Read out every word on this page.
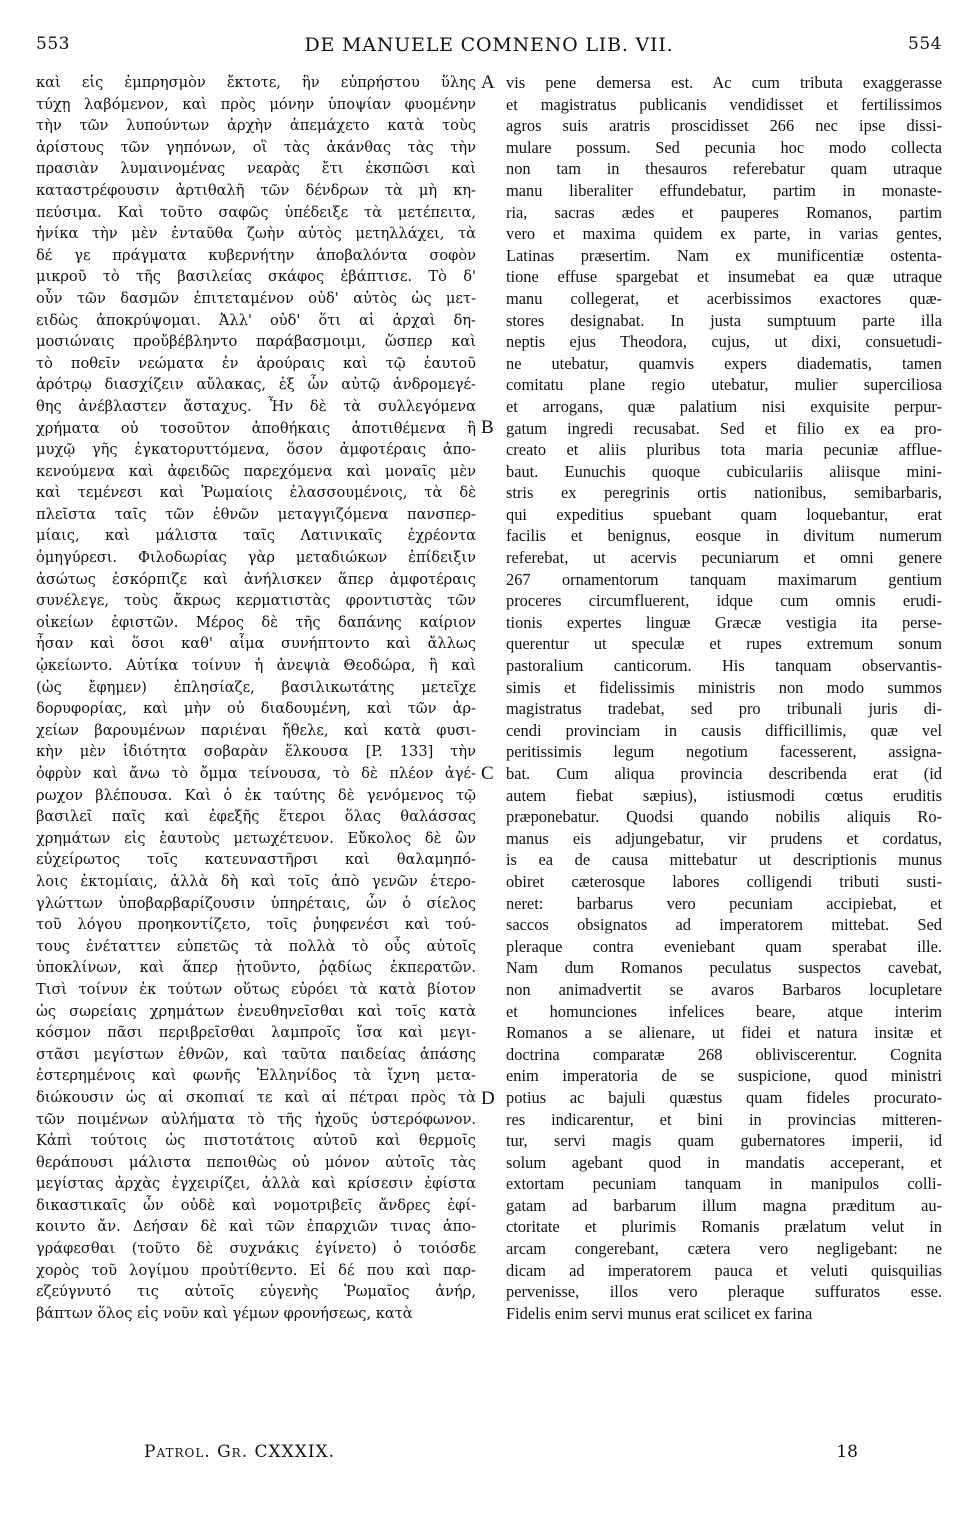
553	DE MANUELE COMNENO LIB. VII.	554
καὶ εἰς ἐμπρησμὸν ἔκτοτε, ἣν εὐπρήστου ὕλης
τύχῃ λαβόμενον, καὶ πρὸς μόνην ὑποψίαν φυομένην
τὴν τῶν λυπούντων ἀρχὴν ἀπεμάχετο κατὰ τοὺς
ἀρίστους τῶν γηπόνων, οἳ τὰς ἀκάνθας τὰς τὴν
πρασιὰν λυμαινομένας νεαρὰς ἔτι ἐκσπῶσι καὶ
καταστρέφουσιν ἀρτιθαλῆ τῶν δένδρων τὰ μὴ κη-
πεύσιμα. Καὶ τοῦτο σαφῶς ὑπέδειξε τὰ μετέπειτα,
ἡνίκα τὴν μὲν ἐνταῦθα ζωὴν αὐτὸς μετηλλάχει, τὰ
δέ γε πράγματα κυβερνήτην ἀποβαλόντα σοφὸν
μικροῦ τὸ τῆς βασιλείας σκάφος ἐβάπτισε. Τὸ δ'
οὖν τῶν δασμῶν ἐπιτεταμένον οὐδ' αὐτὸς ὡς μετ-
ειδὼς ἀποκρύψομαι. Ἀλλ' οὐδ' ὅτι αἱ ἀρχαὶ δη-
μοσιώναις προὔβέβληντο παράβασμοιμι, ὥσπερ καὶ
τὸ ποθεῖν νεώματα ἐν ἀρούραις καὶ τῷ ἑαυτοῦ
ἀρότρῳ διασχίζειν αὔλακας, ἐξ ὧν αὐτῷ ἀνδρομεγέ-
θης ἀνέβλαστεν ἄσταχυς. Ἦν δὲ τὰ συλλεγόμενα
χρήματα οὐ τοσοῦτον ἀποθήκαις ἀποτιθέμενα ἢ
μυχῷ γῆς ἐγκατορυττόμενα, ὅσον ἀμφοτέραις ἀπο-
κενούμενα καὶ ἀφειδῶς παρεχόμενα καὶ μοναῖς μὲν
καὶ τεμένεσι καὶ Ῥωμαίοις ἐλασσουμένοις, τὰ δὲ
πλεῖστα ταῖς τῶν ἐθνῶν μεταγγιζόμενα πανσπερ-
μίαις, καὶ μάλιστα ταῖς Λατινικαῖς ἐχρέοντα
ὁμηγύρεσι. Φιλοδωρίας γὰρ μεταδιώκων ἐπίδειξιν
ἀσώτως ἐσκόρπιζε καὶ ἀνήλισκεν ἅπερ ἀμφοτέραις
συνέλεγε, τοὺς ἄκρως κερματιστὰς φροντιστὰς τῶν
οἰκείων ἐφιστῶν. Μέρος δὲ τῆς δαπάνης καίριον
ἦσαν καὶ ὅσοι καθ' αἷμα συνήπτοντο καὶ ἄλλως
ᾠκείωντο. Αὐτίκα τοίνυν ἡ ἀνεψιὰ Θεοδώρα, ἣ καὶ
(ὡς ἔφημεν) ἐπλησίαζε, βασιλικωτάτης μετεῖχε
δορυφορίας, καὶ μὴν οὐ διαδουμένη, καὶ τῶν ἀρ-
χείων βαρουμένων παριέναι ἤθελε, καὶ κατὰ φυσι-
κὴν μὲν ἰδιότητα σοβαρὰν ἕλκουσα [P. 133] τὴν
ὀφρὺν καὶ ἄνω τὸ ὄμμα τείνουσα, τὸ δὲ πλέον ἀγέ-
ρωχον βλέπουσα. Καὶ ὁ ἐκ ταύτης δὲ γενόμενος τῷ
βασιλεῖ παῖς καὶ ἐφεξῆς ἕτεροι ὅλας θαλάσσας
χρημάτων εἰς ἑαυτοὺς μετωχέτευον. Εὔκολος δὲ ὢν
εὐχείρωτος τοῖς κατευναστῆρσι καὶ θαλαμηπό-
λοις ἐκτομίαις, ἀλλὰ δὴ καὶ τοῖς ἀπὸ γενῶν ἑτερο-
γλώττων ὑποβαρβαρίζουσιν ὑπηρέταις, ὧν ὁ σίελος
τοῦ λόγου προηκοντίζετο, τοῖς ῥυηφενέσι καὶ τού-
τους ἐνέταττεν εὐπετῶς τὰ πολλὰ τὸ οὖς αὐτοῖς
ὑποκλίνων, καὶ ἅπερ ᾐτοῦντο, ῥᾳδίως ἐκπερατῶν.
Τισὶ τοίνυν ἐκ τούτων οὕτως εὐρόει τὰ κατὰ βίοτον
ὡς σωρείαις χρημάτων ἐνευθηνεῖσθαι καὶ τοῖς κατὰ
κόσμον πᾶσι περιβρεῖσθαι λαμπροῖς ἴσα καὶ μεγι-
στᾶσι μεγίστων ἐθνῶν, καὶ ταῦτα παιδείας ἁπάσης
ἐστερημένοις καὶ φωνῆς Ἑλληνίδος τὰ ἴχνη μετα-
διώκουσιν ὡς αἱ σκοπιαί τε καὶ αἱ πέτραι πρὸς τὰ
τῶν ποιμένων αὐλήματα τὸ τῆς ἠχοῦς ὑστερόφωνον.
Κἀπὶ τούτοις ὡς πιστοτάτοις αὐτοῦ καὶ θερμοῖς
θεράπουσι μάλιστα πεποιθὼς οὐ μόνον αὐτοῖς τὰς
μεγίστας ἀρχὰς ἐγχειρίζει, ἀλλὰ καὶ κρίσεσιν ἐφίστα
δικαστικαῖς ὧν οὐδὲ καὶ νομοτριβεῖς ἄνδρες ἐφί-
κοιντο ἄν. Δεήσαν δὲ καὶ τῶν ἐπαρχιῶν τινας ἀπο-
γράφεσθαι (τοῦτο δὲ συχνάκις ἐγίνετο) ὁ τοιόσδε
χορὸς τοῦ λογίμου προὐτίθεντο. Εἰ δέ που καὶ παρ-
εζεύγνυτό τις αὐτοῖς εὐγενὴς Ῥωμαῖος ἀνήρ,
βάπτων ὅλος εἰς νοῦν καὶ γέμων φρονήσεως, κατὰ
vis pene demersa est. Ac cum tributa exaggerasse
et magistratus publicanis vendidisset et fertilissimos
agros suis aratris proscidisset 266 nec ipse dissi-
mulare possum. Sed pecunia hoc modo collecta
non tam in thesauros referebatur quam utraque
manu liberaliter effundebatur, partim in monaste-
ria, sacras ædes et pauperes Romanos, partim
vero et maxima quidem ex parte, in varias gentes,
Latinas præsertim. Nam ex munificentiæ ostenta-
tione effuse spargebat et insumebat ea quæ utraque
manu collegerat, et acerbissimos exactores quæ-
stores designabat. In justa sumptuum parte illa
neptis ejus Theodora, cujus, ut dixi, consuetudi-
ne utebatur, quamvis expers diadematis, tamen
comitatu plane regio utebatur, mulier superciliosa
et arrogans, quæ palatium nisi exquisite perpur-
gatum ingredi recusabat. Sed et filio ex ea pro-
creato et aliis pluribus tota maria pecuniæ afflue-
baut. Eunuchis quoque cubiculariis aliisque mini-
stris ex peregrinis ortis nationibus, semibarbaris,
qui expeditius spuebant quam loquebantur, erat
facilis et benignus, eosque in divitum numerum
referebat, ut acervis pecuniarum et omni genere
267 ornamentorum tanquam maximarum gentium
proceres circumfluerent, idque cum omnis erudi-
tionis expertes linguæ Græcæ vestigia ita perse-
querentur ut speculæ et rupes extremum sonum
pastoralium canticorum. His tanquam observantis-
simis et fidelissimis ministris non modo summos
magistratus tradebat, sed pro tribunali juris di-
cendi provinciam in causis difficillimis, quæ vel
peritissimis legum negotium facesserent, assigna-
bat. Cum aliqua provincia describenda erat (id
autem fiebat sæpius), istiusmodi cœtus eruditis
præponebatur. Quodsi quando nobilis aliquis Ro-
manus eis adjungebatur, vir prudens et cordatus,
is ea de causa mittebatur ut descriptionis munus
obiret cæterosque labores colligendi tributi susti-
neret: barbarus vero pecuniam accipiebat, et
saccos obsignatos ad imperatorem mittebat. Sed
pleraque contra eveniebant quam sperabat ille.
Nam dum Romanos peculatus suspectos cavebat,
non animadvertit se avaros Barbaros locupletare
et homunciones infelices beare, atque interim
Romanos a se alienare, ut fidei et natura insitæ et
doctrina comparatæ 268 obliviscerentur. Cognita
enim imperatoria de se suspicione, quod ministri
potius ac bajuli quæstus quam fideles procurato-
res indicarentur, et bini in provincias mitteren-
tur, servi magis quam gubernatores imperii, id
solum agebant quod in mandatis acceperant, et
extortam pecuniam tanquam in manipulos colli-
gatam ad barbarum illum magna præditum au-
ctoritate et plurimis Romanis prælatum velut in
arcam congerebant, cætera vero negligebant: ne
dicam ad imperatorem pauca et veluti quisquilias
pervenisse, illos vero pleraque suffuratos esse.
Fidelis enim servi munus erat scilicet ex farina
A
B
C
D
Patrol. Gr. CXXXIX.	18
